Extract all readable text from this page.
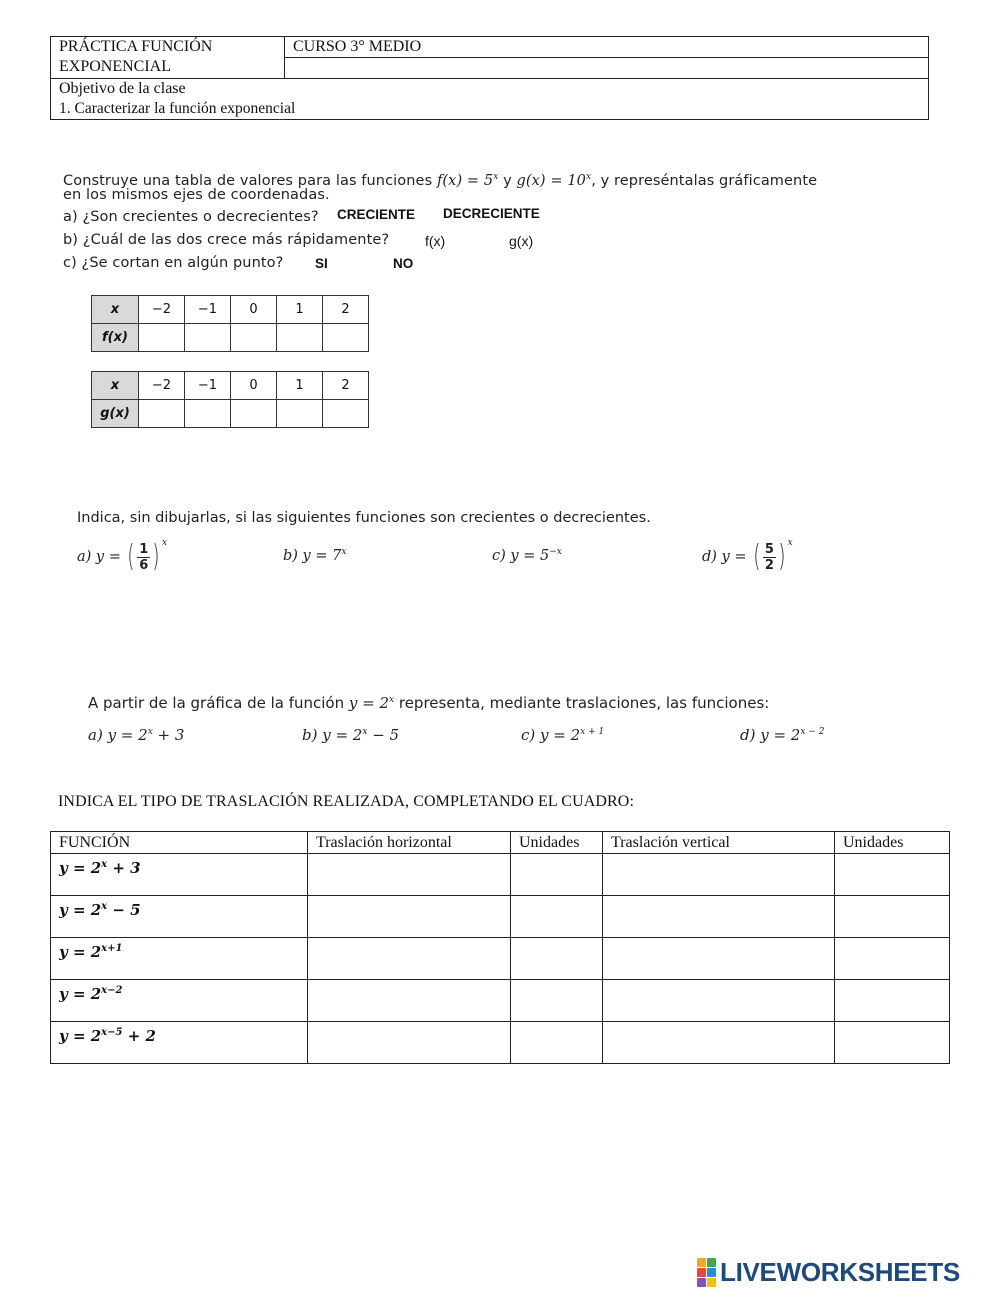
PRÁCTICA FUNCIÓN
EXPONENCIAL
	CURSO 3° MEDIO

Objetivo de la clase
1. Caracterizar la función exponencial
Construye una tabla de valores para las funciones $f(x) = 5^x$ y $g(x) = 10^x$, y represéntalas gráficamente
en los mismos ejes de coordenadas.
a) ¿Son crecientes o decrecientes?
b) ¿Cuál de las dos crece más rápidamente?
c) ¿Se cortan en algún punto?
CRECIENTE DECRECIENTE
f(x)	g(x)
SI	NO
x	−2	−1	0	1	2
f(x)					
x	−2	−1	0	1	2
g(x)					
Indica, sin dibujarlas, si las siguientes funciones son crecientes o decrecientes.
a) y = ( $\frac{1}{6}$ ) $^x$
b) $y = 7^x$	c) $y = 5^{-x}$	d) y = ( $\frac{5}{2}$ ) $^x$
A partir de la gráfica de la función $y = 2^x$ representa, mediante traslaciones, las funciones:
a) $y = 2^x + 3$	b) $y = 2^x - 5$	c) $y = 2^{x + 1}$	d) $y = 2^{x - 2}$
INDICA EL TIPO DE TRASLACIÓN REALIZADA, COMPLETANDO EL CUADRO:
FUNCIÓN	Traslación horizontal	Unidades	Traslación vertical	Unidades
$y = 2^x + 3$				
$y = 2^x - 5$				
$y = 2^{x+1}$				
$y = 2^{x-2}$				
$y = 2^{x-5} + 2$				
LIVEWORKSHEETS
